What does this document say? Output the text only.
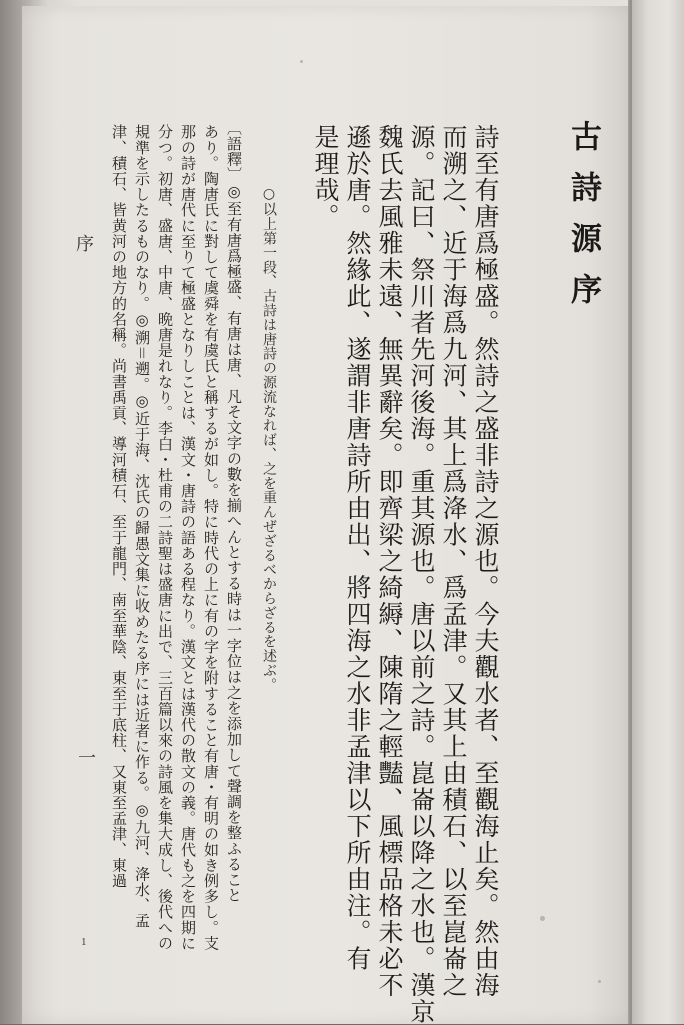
古詩源序
詩至有唐爲極盛。然詩之盛非詩之源也。今夫觀水者、至觀海止矣。然由海
而溯之、近于海爲九河、其上爲洚水、爲孟津。又其上由積石、以至崑崙之
源。記曰、祭川者先河後海。重其源也。唐以前之詩。崑崙以降之水也。漢京
魏氏去風雅未遠、無異辭矣。即齊梁之綺縟、陳隋之輕豔、風標品格未必不
遜於唐。然緣此、遂謂非唐詩所由出、將四海之水非孟津以下所由注。有
是理哉。
○以上第一段、古詩は唐詩の源流なれば、之を重んぜざるべからざるを述ぶ。
〔語釋〕◎至有唐爲極盛、有唐は唐、凡そ文字の數を揃へんとする時は一字位は之を添加して聲調を整ふること
あり。陶唐氏に對して虞舜を有虞氏と稱するが如し。特に時代の上に有の字を附すること有唐・有明の如き例多し。支
那の詩が唐代に至りて極盛となりしことは、漢文・唐詩の語ある程なり。漢文とは漢代の散文の義。唐代も之を四期に
分つ。初唐、盛唐、中唐、晩唐是れなり。李白・杜甫の二詩聖は盛唐に出で、三百篇以來の詩風を集大成し、後代への
規準を示したるものなり。◎溯＝遡。◎近于海、沈氏の歸愚文集に收めたる序には近者に作る。◎九河、洚水、孟
津、積石、皆黄河の地方的名稱。尚書禹貢、導河積石、至于龍門、南至華陰、東至于底柱、又東至孟津、東過
序
一
1
